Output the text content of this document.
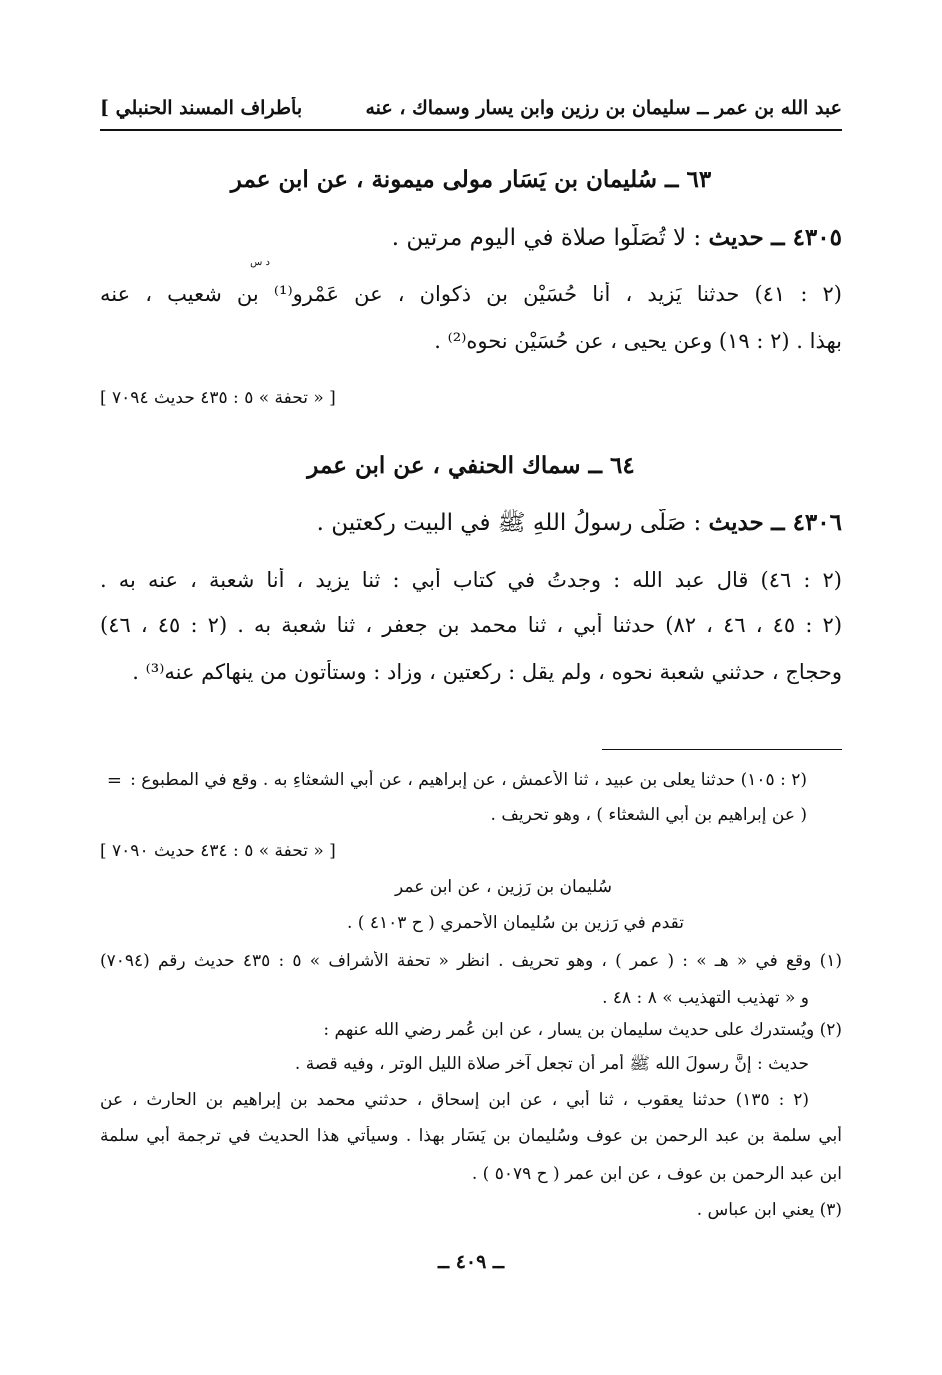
عبد الله بن عمر ــ سليمان بن رزين وابن يسار وسماك ، عنه
بأطراف المسند الحنبلي ]
٦٣ ــ سُليمان بن يَسَار مولى ميمونة ، عن ابن عمر
٤٣٠٥ ــ حديث : لا تُصَلّوا صلاة في اليوم مرتين .
د س
(٢ : ٤١) حدثنا يَزيد ، أنا حُسَيْن بن ذكوان ، عن عَمْرو⁽¹⁾ بن شعيب ، عنه
بهذا . (٢ : ١٩) وعن يحيى ، عن حُسَيْن نحوه⁽²⁾ .
[ « تحفة » ٥ : ٤٣٥ حديث ٧٠٩٤ ]
٦٤ ــ سماك الحنفي ، عن ابن عمر
٤٣٠٦ ــ حديث : صَلّى رسولُ اللهِ ﷺ في البيت ركعتين .
(٢ : ٤٦) قال عبد الله : وجدتُ في كتاب أبي : ثنا يزيد ، أنا شعبة ، عنه به .
(٢ : ٤٥ ، ٤٦ ، ٨٢) حدثنا أبي ، ثنا محمد بن جعفر ، ثنا شعبة به . (٢ : ٤٥ ، ٤٦)
وحجاج ، حدثني شعبة نحوه ، ولم يقل : ركعتين ، وزاد : وستأتون من ينهاكم عنه⁽³⁾ .
= (٢ : ١٠٥) حدثنا يعلى بن عبيد ، ثنا الأعمش ، عن إبراهيم ، عن أبي الشعثاءِ به . وقع في المطبوع :
( عن إبراهيم بن أبي الشعثاء ) ، وهو تحريف .
[ « تحفة » ٥ : ٤٣٤ حديث ٧٠٩٠ ]
سُليمان بن رَزِين ، عن ابن عمر
تقدم في رَزين بن سُليمان الأحمري ( ح ٤١٠٣ ) .
(١) وقع في « هـ » : ( عمر ) ، وهو تحريف . انظر « تحفة الأشراف » ٥ : ٤٣٥ حديث رقم (٧٠٩٤)
و « تهذيب التهذيب » ٨ : ٤٨ .
(٢) ويُستدرك على حديث سليمان بن يسار ، عن ابن عُمر رضي الله عنهم :
حديث : إنَّ رسولَ الله ﷺ أمر أن تجعل آخر صلاة الليل الوتر ، وفيه قصة .
(٢ : ١٣٥) حدثنا يعقوب ، ثنا أبي ، عن ابن إسحاق ، حدثني محمد بن إبراهيم بن الحارث ، عن
أبي سلمة بن عبد الرحمن بن عوف وسُليمان بن يَسَار بهذا . وسيأتي هذا الحديث في ترجمة أبي سلمة
ابن عبد الرحمن بن عوف ، عن ابن عمر ( ح ٥٠٧٩ ) .
(٣) يعني ابن عباس .
ــ ٤٠٩ ــ
